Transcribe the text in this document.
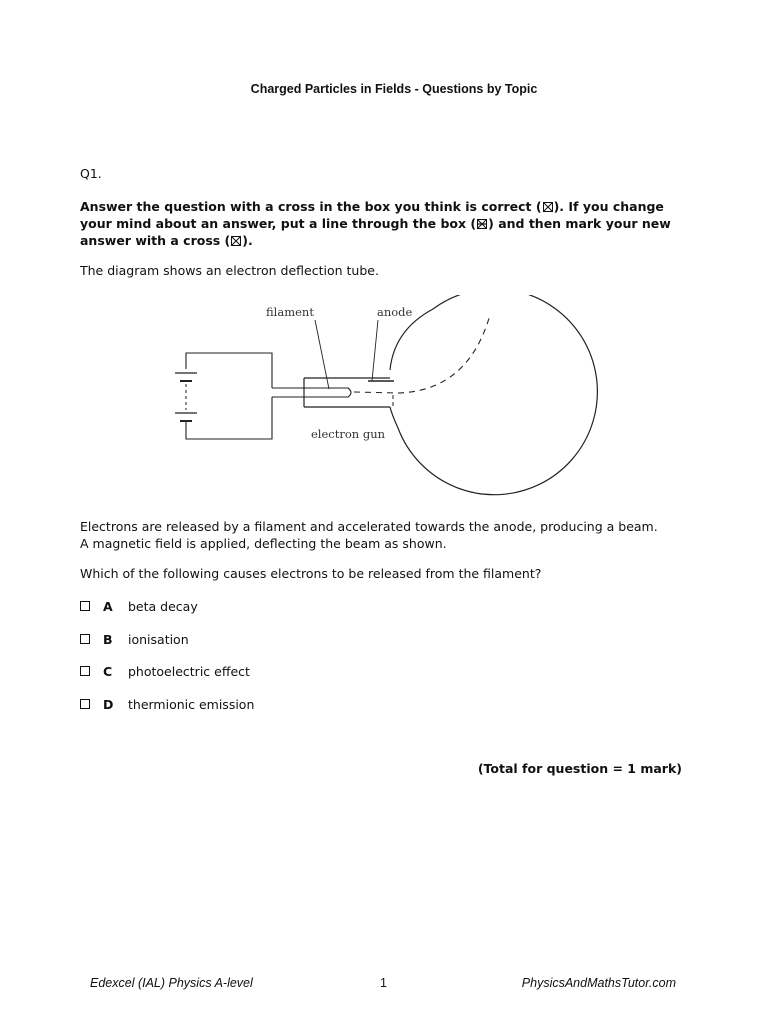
Charged Particles in Fields - Questions by Topic
Q1.
Answer the question with a cross in the box you think is correct (☒). If you change your mind about an answer, put a line through the box ( ) and then mark your new answer with a cross (☒).
The diagram shows an electron deflection tube.
filament	anode
electron gun
Electrons are released by a filament and accelerated towards the anode, producing a beam.
A magnetic field is applied, deflecting the beam as shown.
Which of the following causes electrons to be released from the filament?
A	beta decay
B	ionisation
C	photoelectric effect
D	thermionic emission
(Total for question = 1 mark)
Edexcel (IAL) Physics A-level	1	PhysicsAndMathsTutor.com
